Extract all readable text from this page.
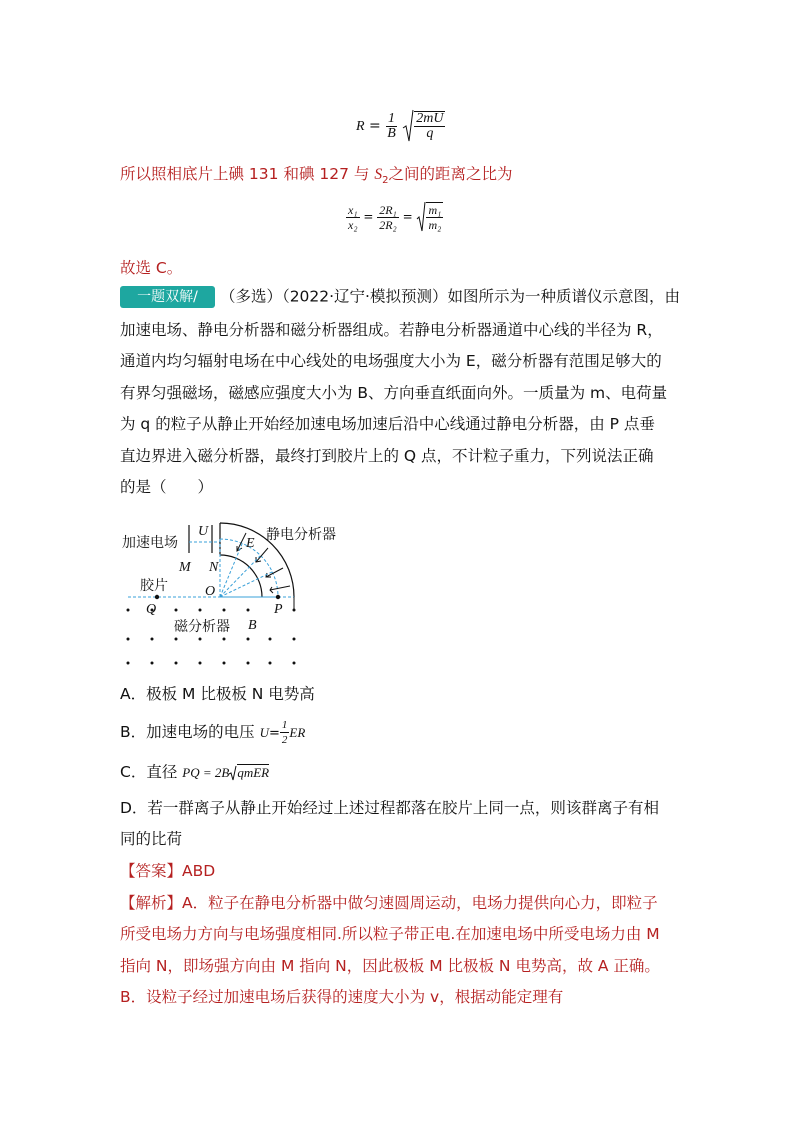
$R = \frac{1}{B}$
$\frac{2mU}{q}$
所以照相底片上碘 131 和碘 127 与 $S_2$之间的距离之比为
$\frac{\text{x₁}}{\text{x₂}} = \frac{\text{2R₁}}{\text{2R₂}} = \frac{\text{m₁}}{\text{m₂}}$
故选 C。
一题双解/ （多选）（2022·辽宁·模拟预测）如图所示为一种质谱仪示意图，由
加速电场、静电分析器和磁分析器组成。若静电分析器通道中心线的半径为 R，
通道内均匀辐射电场在中心线处的电场强度大小为 E，磁分析器有范围足够大的
有界匀强磁场，磁感应强度大小为 B、方向垂直纸面向外。一质量为 m、电荷量
为 q 的粒子从静止开始经加速电场加速后沿中心线通过静电分析器，由 P 点垂
直边界进入磁分析器，最终打到胶片上的 Q 点，不计粒子重力，下列说法正确
的是（　　）
加速电场
U
M N
E
静电分析器
胶片
Q
O
P
磁分析器 B
A．极板 M 比极板 N 电势高
B．加速电场的电压 $U= \frac{1}{2}$ ER
C．直径 PQ = 2B qmER
D．若一群离子从静止开始经过上述过程都落在胶片上同一点，则该群离子有相
同的比荷
【答案】ABD
【解析】A．粒子在静电分析器中做匀速圆周运动，电场力提供向心力，即粒子
所受电场力方向与电场强度相同.所以粒子带正电.在加速电场中所受电场力由 M
指向 N，即场强方向由 M 指向 N，因此极板 M 比极板 N 电势高，故 A 正确。
B．设粒子经过加速电场后获得的速度大小为 v，根据动能定理有
